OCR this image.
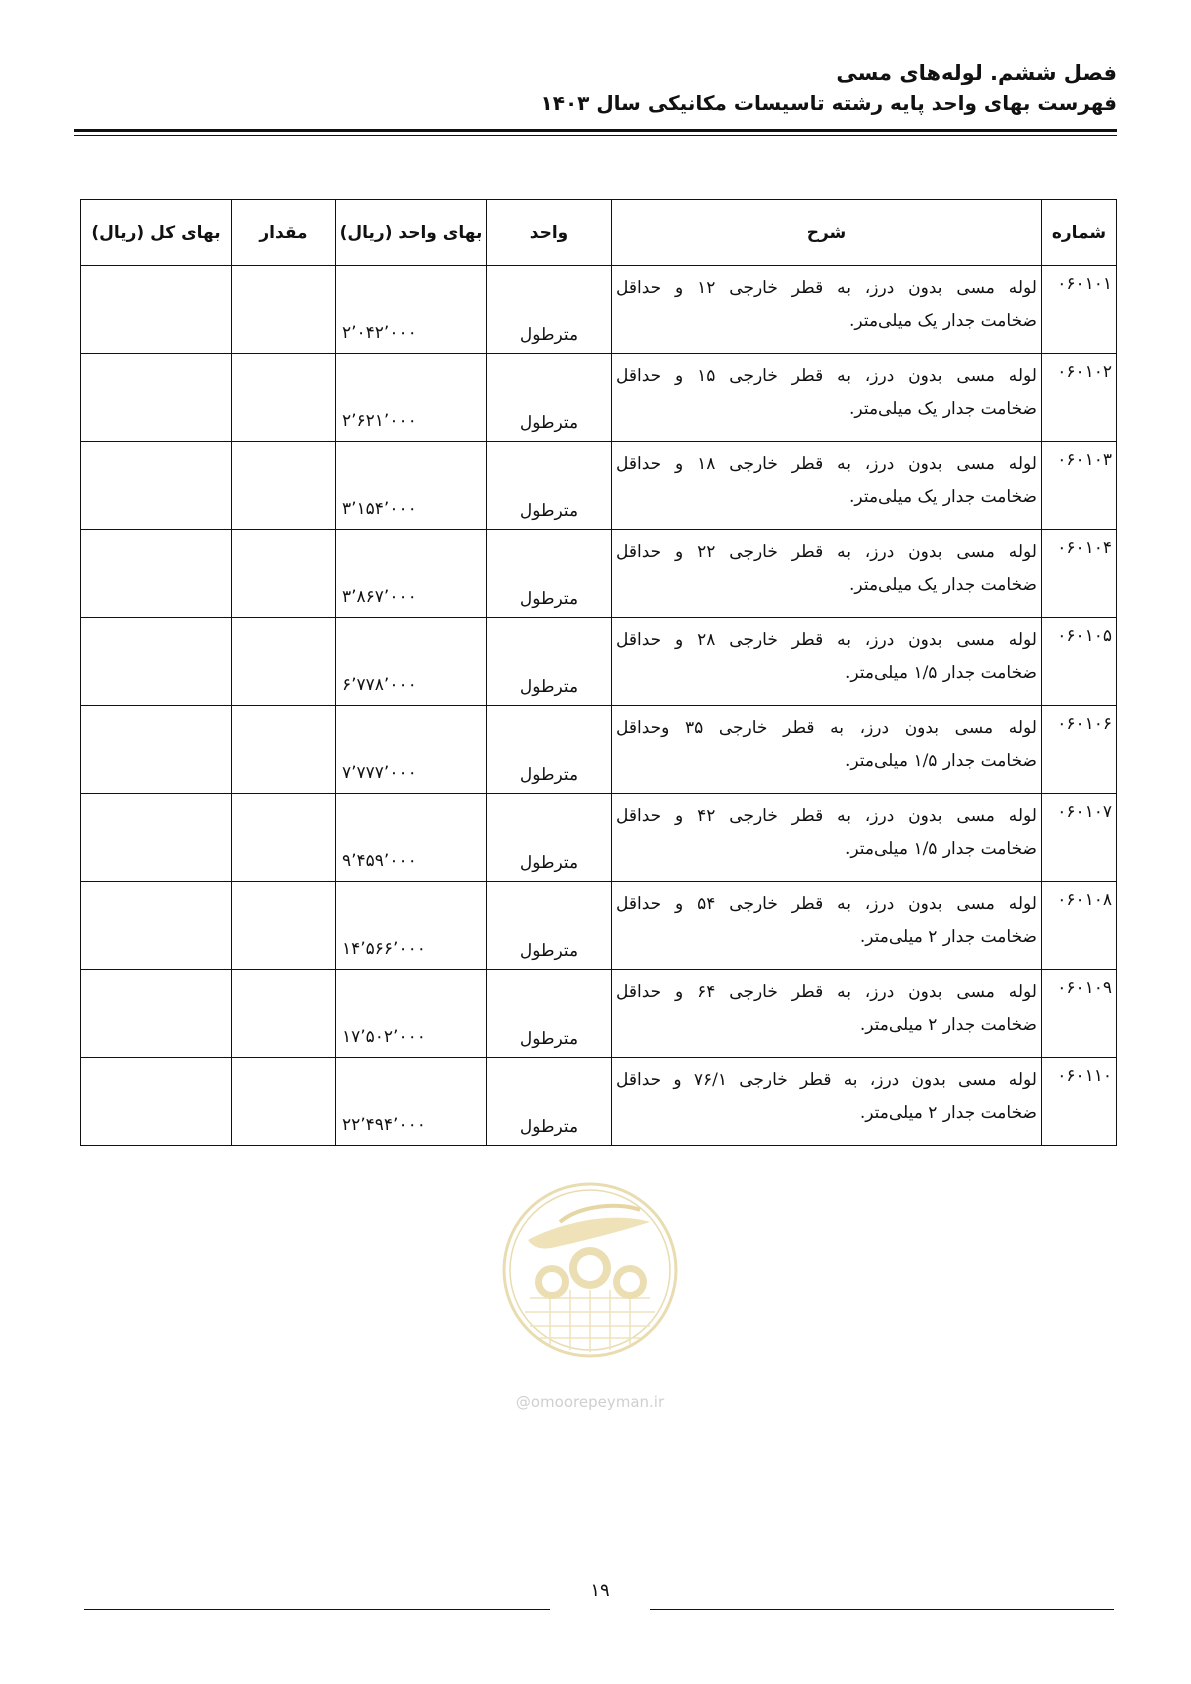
فصل ششم. لوله‌های مسی
فهرست بهای واحد پایه رشته تاسیسات مکانیکی سال ۱۴۰۳
شماره	شرح	واحد	بهای واحد (ریال)	مقدار	بهای کل (ریال)
۰۶۰۱۰۱	لوله مسی بدون درز، به قطر خارجی ۱۲ و حداقل
ضخامت جدار یک میلی‌متر.	مترطول	۲٬۰۴۲٬۰۰۰		
۰۶۰۱۰۲	لوله مسی بدون درز، به قطر خارجی ۱۵ و حداقل
ضخامت جدار یک میلی‌متر.	مترطول	۲٬۶۲۱٬۰۰۰		
۰۶۰۱۰۳	لوله مسی بدون درز، به قطر خارجی ۱۸ و حداقل
ضخامت جدار یک میلی‌متر.	مترطول	۳٬۱۵۴٬۰۰۰		
۰۶۰۱۰۴	لوله مسی بدون درز، به قطر خارجی ۲۲ و حداقل
ضخامت جدار یک میلی‌متر.	مترطول	۳٬۸۶۷٬۰۰۰		
۰۶۰۱۰۵	لوله مسی بدون درز، به قطر خارجی ۲۸ و حداقل
ضخامت جدار ۱/۵ میلی‌متر.	مترطول	۶٬۷۷۸٬۰۰۰		
۰۶۰۱۰۶	لوله مسی بدون درز، به قطر خارجی ۳۵ وحداقل
ضخامت جدار ۱/۵ میلی‌متر.	مترطول	۷٬۷۷۷٬۰۰۰		
۰۶۰۱۰۷	لوله مسی بدون درز، به قطر خارجی ۴۲ و حداقل
ضخامت جدار ۱/۵ میلی‌متر.	مترطول	۹٬۴۵۹٬۰۰۰		
۰۶۰۱۰۸	لوله مسی بدون درز، به قطر خارجی ۵۴ و حداقل
ضخامت جدار ۲ میلی‌متر.	مترطول	۱۴٬۵۶۶٬۰۰۰		
۰۶۰۱۰۹	لوله مسی بدون درز، به قطر خارجی ۶۴ و حداقل
ضخامت جدار ۲ میلی‌متر.	مترطول	۱۷٬۵۰۲٬۰۰۰		
۰۶۰۱۱۰	لوله مسی بدون درز، به قطر خارجی ۷۶/۱ و حداقل
ضخامت جدار ۲ میلی‌متر.	مترطول	۲۲٬۴۹۴٬۰۰۰		
@omoorepeyman.ir
۱۹
